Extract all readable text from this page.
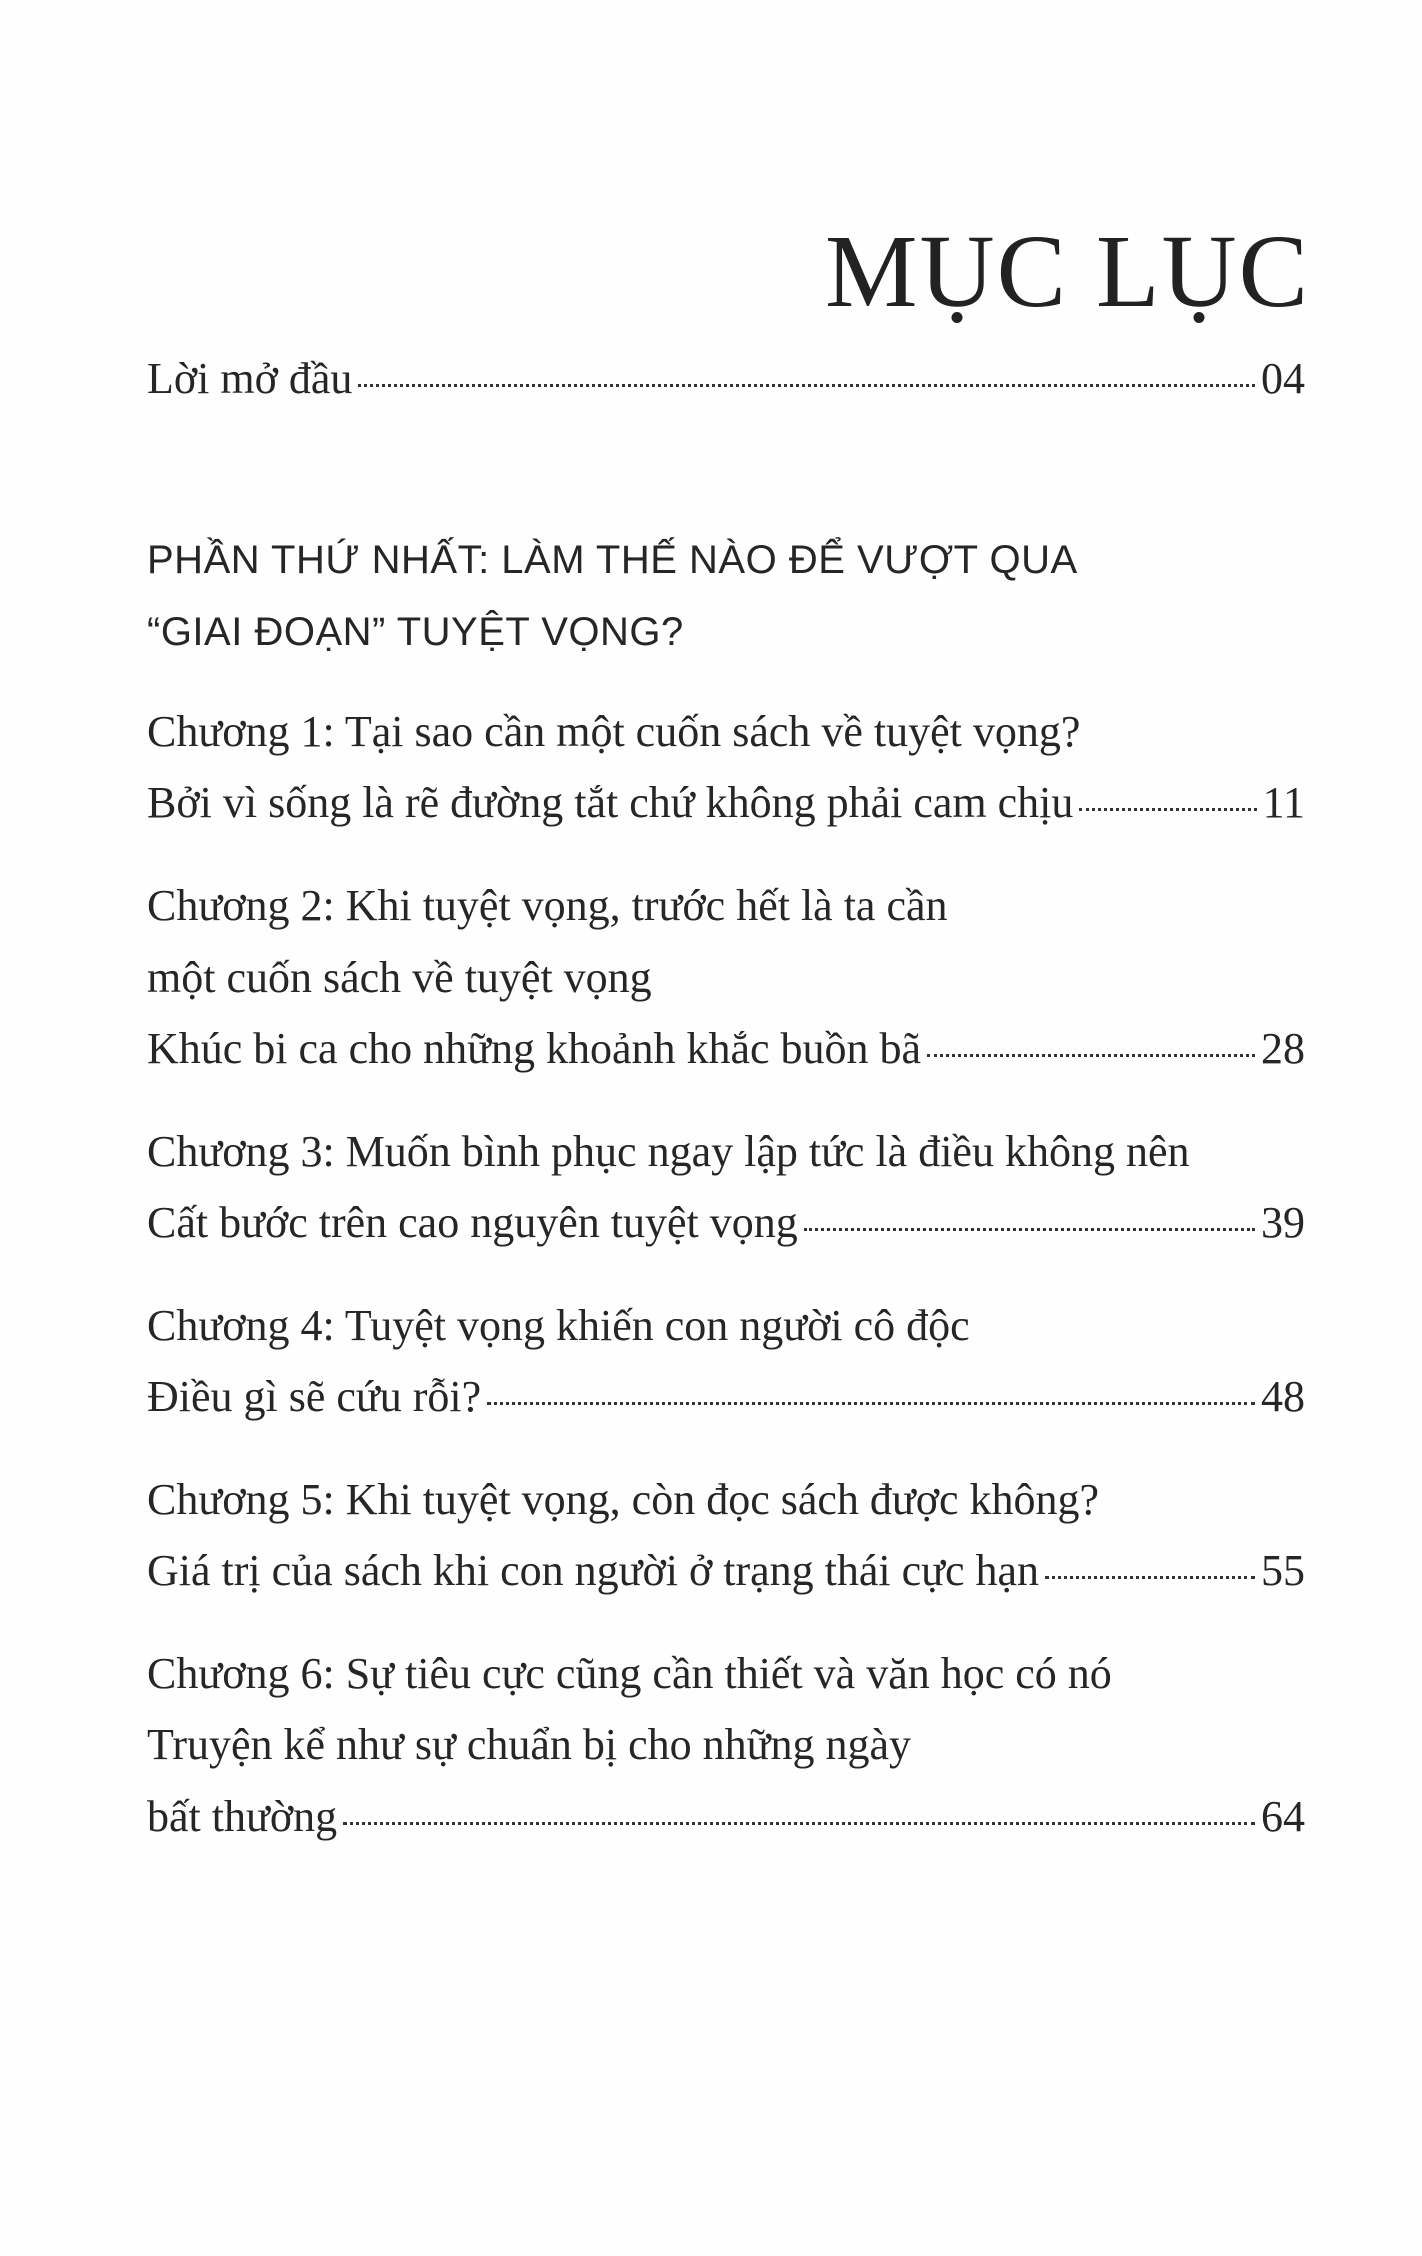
MỤC LỤC
Lời mở đầu	04
PHẦN THỨ NHẤT: LÀM THẾ NÀO ĐỂ VƯỢT QUA
“GIAI ĐOẠN” TUYỆT VỌNG?
Chương 1: Tại sao cần một cuốn sách về tuyệt vọng?
Bởi vì sống là rẽ đường tắt chứ không phải cam chịu	11
Chương 2: Khi tuyệt vọng, trước hết là ta cần
một cuốn sách về tuyệt vọng
Khúc bi ca cho những khoảnh khắc buồn bã	28
Chương 3: Muốn bình phục ngay lập tức là điều không nên
Cất bước trên cao nguyên tuyệt vọng	39
Chương 4: Tuyệt vọng khiến con người cô độc
Điều gì sẽ cứu rỗi?	48
Chương 5: Khi tuyệt vọng, còn đọc sách được không?
Giá trị của sách khi con người ở trạng thái cực hạn	55
Chương 6: Sự tiêu cực cũng cần thiết và văn học có nó
Truyện kể như sự chuẩn bị cho những ngày
bất thường	64
